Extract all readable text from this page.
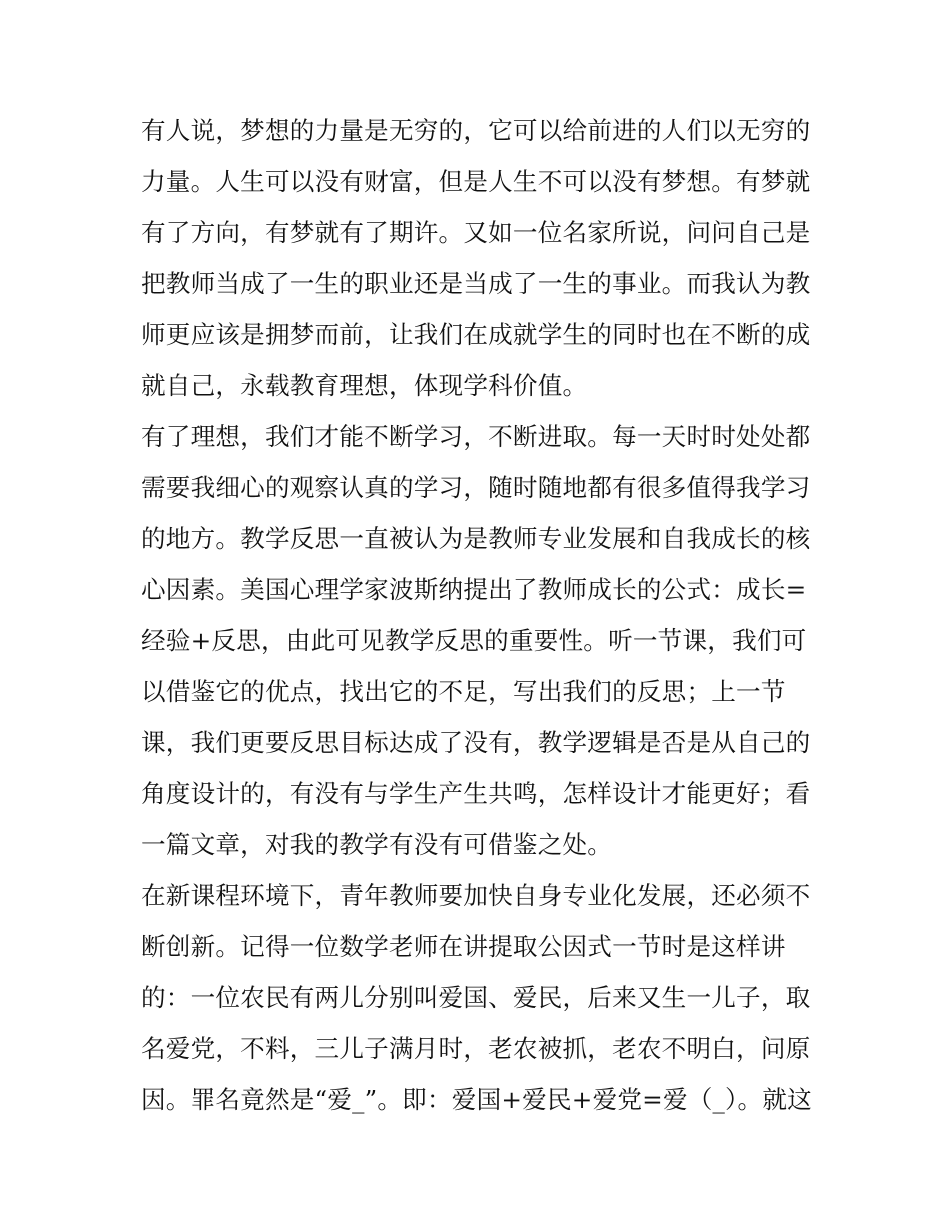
有人说，梦想的力量是无穷的，它可以给前进的人们以无穷的
力量。人生可以没有财富，但是人生不可以没有梦想。有梦就
有了方向，有梦就有了期许。又如一位名家所说，问问自己是
把教师当成了一生的职业还是当成了一生的事业。而我认为教
师更应该是拥梦而前，让我们在成就学生的同时也在不断的成
就自己，永载教育理想，体现学科价值。
有了理想，我们才能不断学习，不断进取。每一天时时处处都
需要我细心的观察认真的学习，随时随地都有很多值得我学习
的地方。教学反思一直被认为是教师专业发展和自我成长的核
心因素。美国心理学家波斯纳提出了教师成长的公式：成长=
经验+反思，由此可见教学反思的重要性。听一节课，我们可
以借鉴它的优点，找出它的不足，写出我们的反思；上一节
课，我们更要反思目标达成了没有，教学逻辑是否是从自己的
角度设计的，有没有与学生产生共鸣，怎样设计才能更好；看
一篇文章，对我的教学有没有可借鉴之处。
在新课程环境下，青年教师要加快自身专业化发展，还必须不
断创新。记得一位数学老师在讲提取公因式一节时是这样讲
的：一位农民有两儿分别叫爱国、爱民，后来又生一儿子，取
名爱党，不料，三儿子满月时，老农被抓，老农不明白，问原
因。罪名竟然是“爱_”。即：爱国+爱民+爱党=爱（_）。就这
